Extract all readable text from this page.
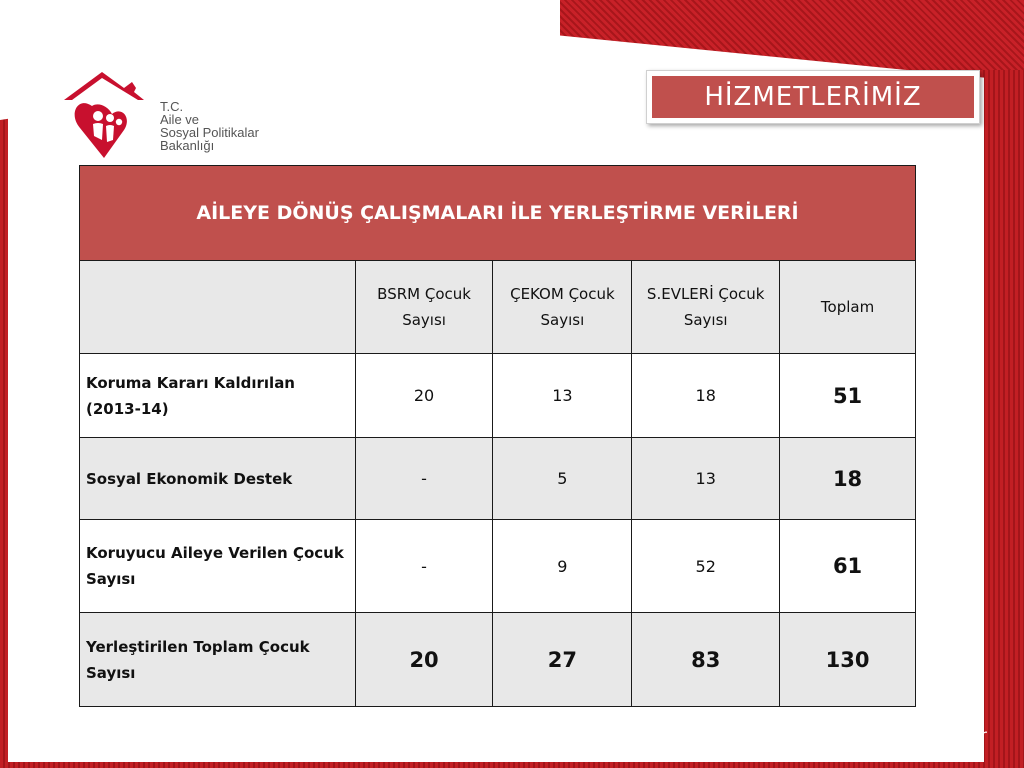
T.C.
Aile ve
Sosyal Politikalar
Bakanlığı
HİZMETLERİMİZ
AİLEYE DÖNÜŞ ÇALIŞMALARI İLE YERLEŞTİRME VERİLERİ				
	BSRM Çocuk Sayısı	ÇEKOM Çocuk Sayısı	S.EVLERİ Çocuk Sayısı	Toplam
Koruma Kararı Kaldırılan (2013-14)	20	13	18	51
Sosyal Ekonomik Destek	-	5	13	18
Koruyucu Aileye Verilen Çocuk Sayısı	-	9	52	61
Yerleştirilen Toplam Çocuk Sayısı	20	27	83	130
www.aile.gov.tr
